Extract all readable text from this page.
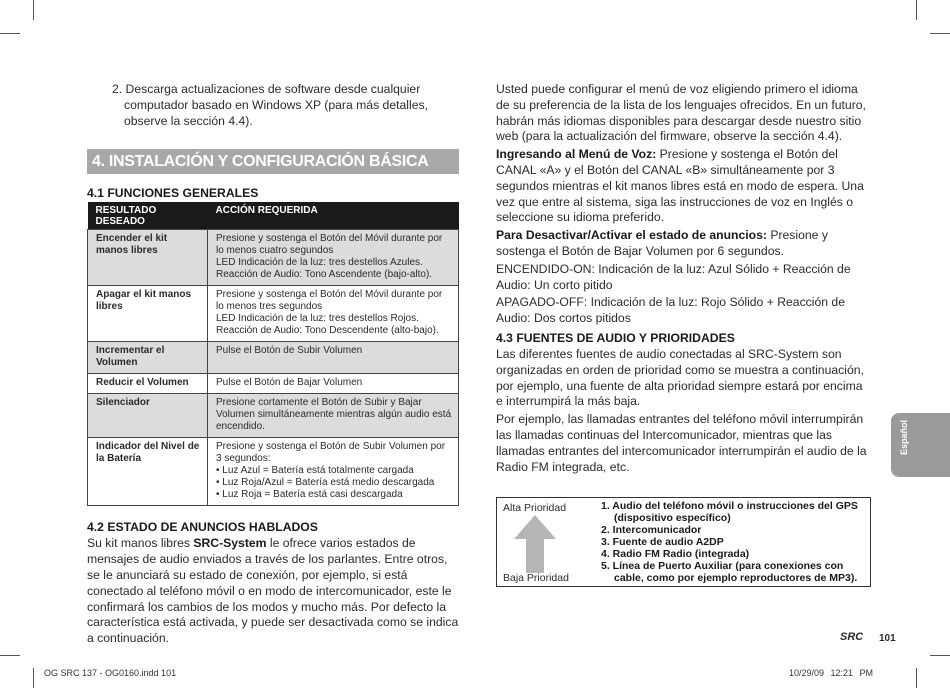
2. Descarga actualizaciones de software desde cualquier computador basado en Windows XP (para más detalles, observe la sección 4.4).

4. INSTALACIÓN Y CONFIGURACIÓN BÁSICA
4.1 FUNCIONES GENERALES
RESULTADO DESEADO	ACCIÓN REQUERIDA
Encender el kit manos libres	Presione y sostenga el Botón del Móvil durante por lo menos cuatro segundos
LED Indicación de la luz: tres destellos Azules.
Reacción de Audio: Tono Ascendente (bajo-alto).

Apagar el kit manos libres	Presione y sostenga el Botón del Móvil durante por lo menos tres segundos
LED Indicación de la luz: tres destellos Rojos.
Reacción de Audio: Tono Descendente (alto-bajo).

Incrementar el Volumen	Pulse el Botón de Subir Volumen

Reducir el Volumen	Pulse el Botón de Bajar Volumen

Silenciador	Presione cortamente el Botón de Subir y Bajar Volumen simultáneamente mientras algún audio está encendido.

Indicador del Nivel de la Batería	Presione y sostenga el Botón de Subir Volumen por 3 segundos:
• Luz Azul = Batería está totalmente cargada
• Luz Roja/Azul = Batería está medio descargada
• Luz Roja = Batería está casi descargada
4.2 ESTADO DE ANUNCIOS HABLADOS

Su kit manos libres SRC-System le ofrece varios estados de mensajes de audio enviados a través de los parlantes. Entre otros, se le anunciará su estado de conexión, por ejemplo, si está conectado al teléfono móvil o en modo de intercomunicador, este le confirmará los cambios de los modos y mucho más. Por defecto la característica está activada, y puede ser desactivada como se indica a continuación.

Usted puede configurar el menú de voz eligiendo primero el idioma de su preferencia de la lista de los lenguajes ofrecidos. En un futuro, habrán más idiomas disponibles para descargar desde nuestro sitio web (para la actualización del firmware, observe la sección 4.4).

Ingresando al Menú de Voz: Presione y sostenga el Botón del CANAL «A» y el Botón del CANAL «B» simultáneamente por 3 segundos mientras el kit manos libres está en modo de espera. Una vez que entre al sistema, siga las instrucciones de voz en Inglés o seleccione su idioma preferido.

Para Desactivar/Activar el estado de anuncios: Presione y sostenga el Botón de Bajar Volumen por 6 segundos.

ENCENDIDO-ON: Indicación de la luz: Azul Sólido + Reacción de Audio: Un corto pitido

APAGADO-OFF: Indicación de la luz: Rojo Sólido + Reacción de Audio: Dos cortos pitidos

4.3 FUENTES DE AUDIO Y PRIORIDADES

Las diferentes fuentes de audio conectadas al SRC-System son organizadas en orden de prioridad como se muestra a continuación, por ejemplo, una fuente de alta prioridad siempre estará por encima e interrumpirá la más baja.

Por ejemplo, las llamadas entrantes del teléfono móvil interrumpirán las llamadas continuas del Intercomunicador, mientras que las llamadas entrantes del intercomunicador interrumpirán el audio de la Radio FM integrada, etc.

Alta Prioridad
Baja Prioridad
1. Audio del teléfono móvil o instrucciones del GPS (dispositivo específico)
2. Intercomunicador
3. Fuente de audio A2DP
4. Radio FM Radio (integrada)
5. Línea de Puerto Auxiliar (para conexiones con cable, como por ejemplo reproductores de MP3).
Español
SRC 101
OG SRC 137 - OG0160.indd 101	10/29/09 12:21 PM
